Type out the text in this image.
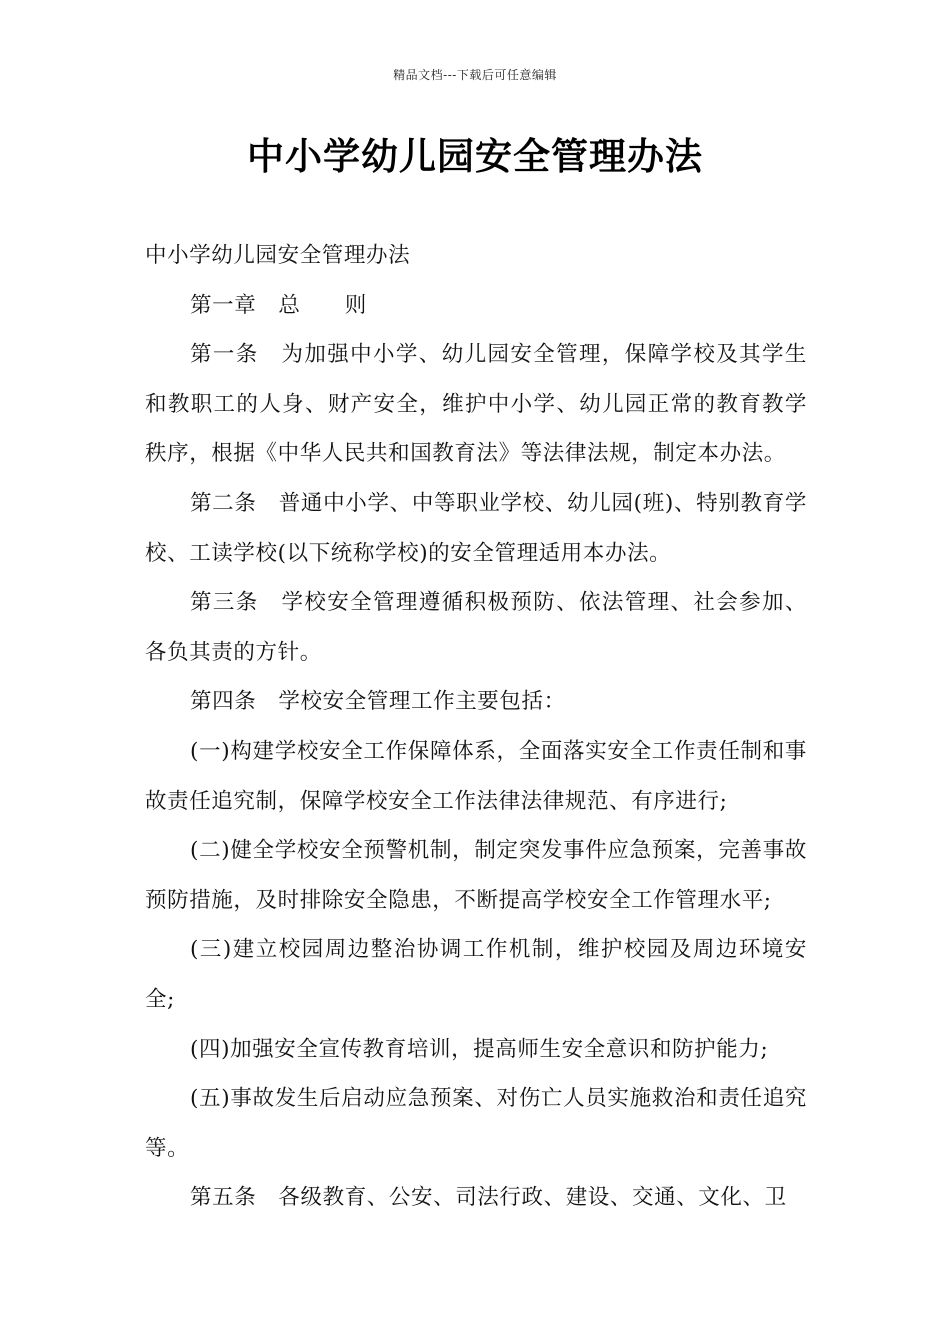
精品文档---下载后可任意编辑
中小学幼儿园安全管理办法

中小学幼儿园安全管理办法

第一章　总　　则

第一条　为加强中小学、幼儿园安全管理，保障学校及其学生和教职工的人身、财产安全，维护中小学、幼儿园正常的教育教学秩序，根据《中华人民共和国教育法》等法律法规，制定本办法。

第二条　普通中小学、中等职业学校、幼儿园(班)、特别教育学校、工读学校(以下统称学校)的安全管理适用本办法。

第三条　学校安全管理遵循积极预防、依法管理、社会参加、各负其责的方针。

第四条　学校安全管理工作主要包括：

(一)构建学校安全工作保障体系，全面落实安全工作责任制和事故责任追究制，保障学校安全工作法律法律规范、有序进行;

(二)健全学校安全预警机制，制定突发事件应急预案，完善事故预防措施，及时排除安全隐患，不断提高学校安全工作管理水平;

(三)建立校园周边整治协调工作机制，维护校园及周边环境安全;

(四)加强安全宣传教育培训，提高师生安全意识和防护能力;

(五)事故发生后启动应急预案、对伤亡人员实施救治和责任追究等。

第五条　各级教育、公安、司法行政、建设、交通、文化、卫
